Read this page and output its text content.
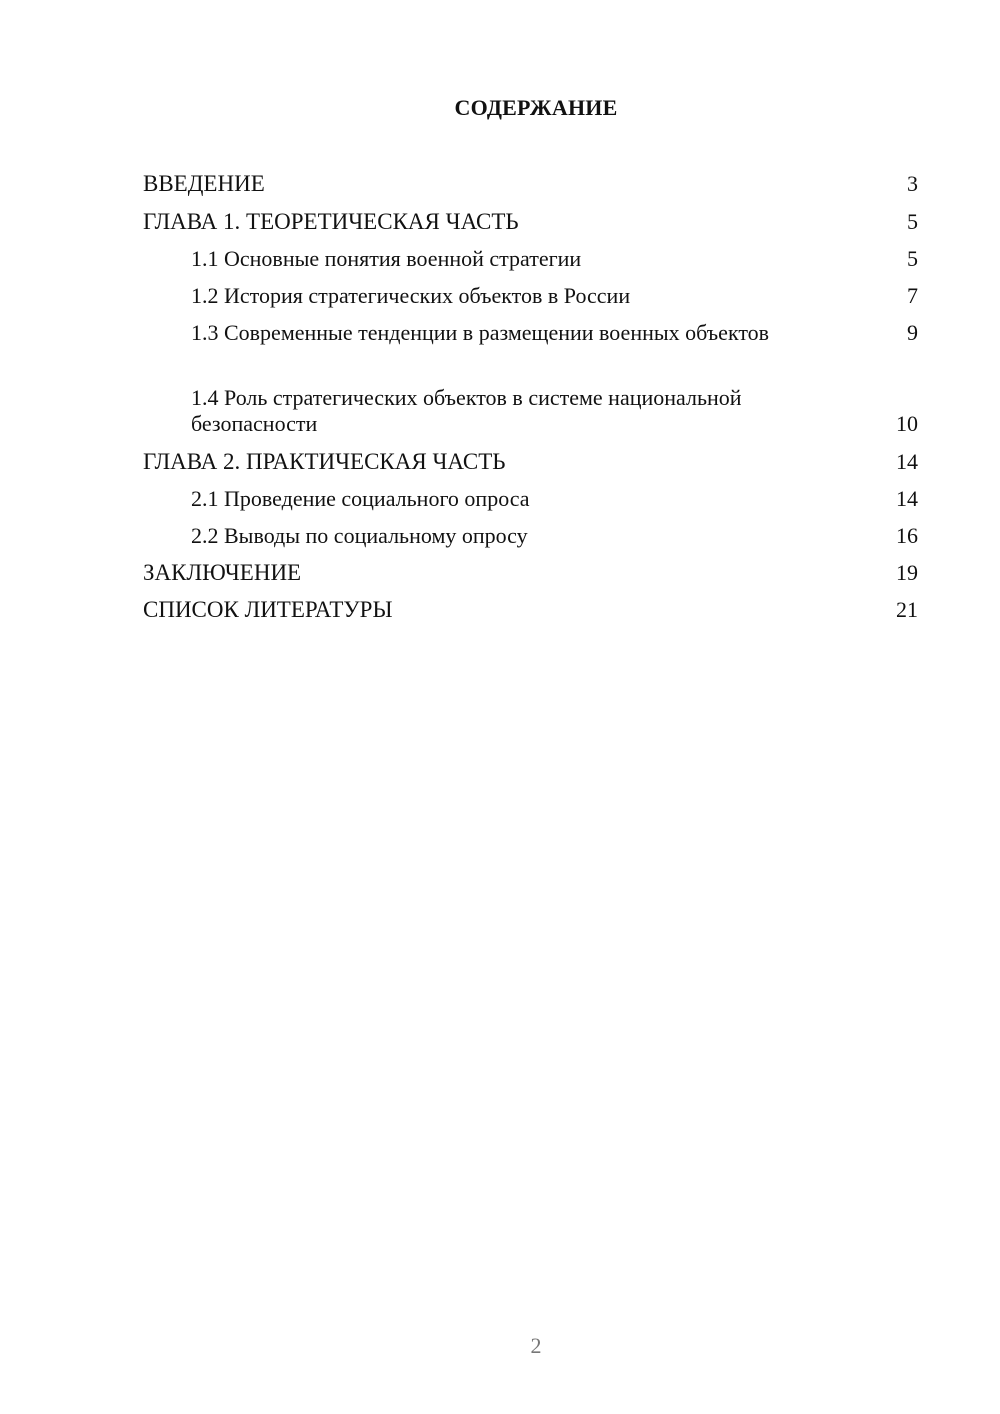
СОДЕРЖАНИЕ
ВВЕДЕНИЕ	3
ГЛАВА 1. ТЕОРЕТИЧЕСКАЯ ЧАСТЬ	5
1.1 Основные понятия военной стратегии	5
1.2 История стратегических объектов в России	7
1.3 Современные тенденции в размещении военных объектов	9
1.4 Роль стратегических объектов в системе национальной безопасности	10
ГЛАВА 2. ПРАКТИЧЕСКАЯ ЧАСТЬ	14
2.1 Проведение социального опроса	14
2.2 Выводы по социальному опросу	16
ЗАКЛЮЧЕНИЕ	19
СПИСОК ЛИТЕРАТУРЫ	21
2
